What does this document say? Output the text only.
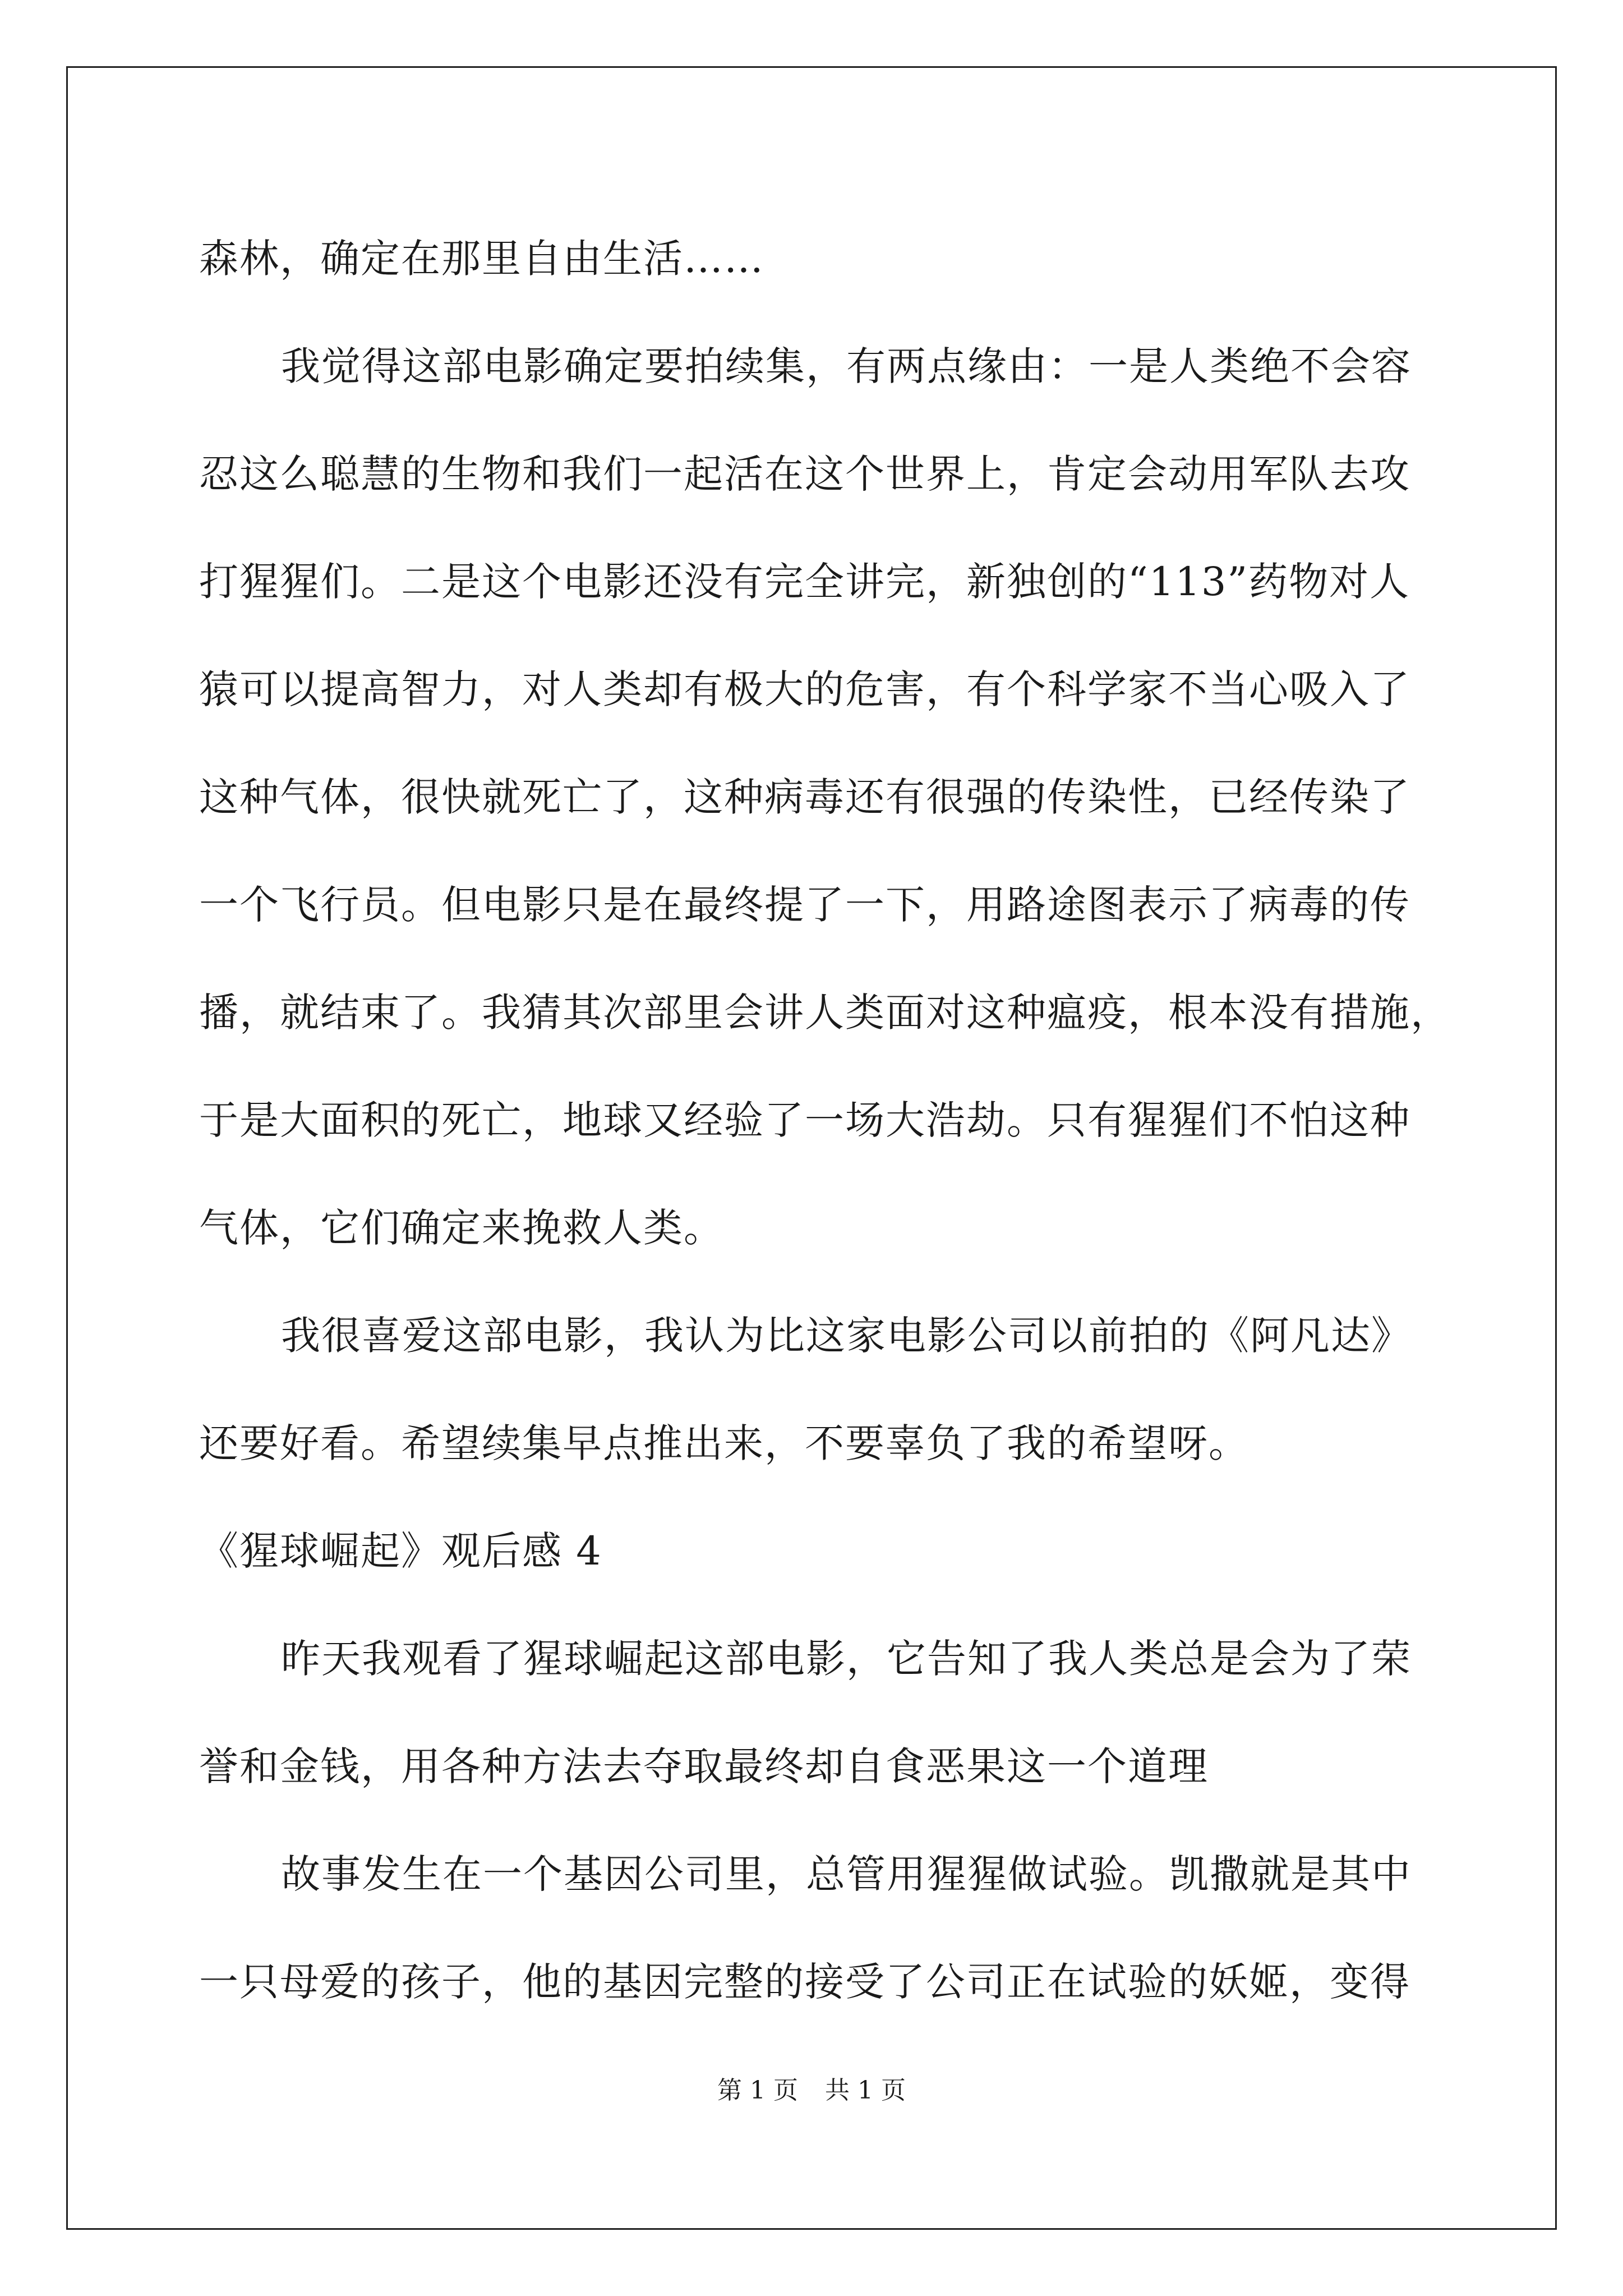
森林，确定在那里自由生活……
我觉得这部电影确定要拍续集，有两点缘由：一是人类绝不会容
忍这么聪慧的生物和我们一起活在这个世界上，肯定会动用军队去攻
打猩猩们。二是这个电影还没有完全讲完，新独创的“113”药物对人
猿可以提高智力，对人类却有极大的危害，有个科学家不当心吸入了
这种气体，很快就死亡了，这种病毒还有很强的传染性，已经传染了
一个飞行员。但电影只是在最终提了一下，用路途图表示了病毒的传
播，就结束了。我猜其次部里会讲人类面对这种瘟疫，根本没有措施，
于是大面积的死亡，地球又经验了一场大浩劫。只有猩猩们不怕这种
气体，它们确定来挽救人类。
我很喜爱这部电影，我认为比这家电影公司以前拍的《阿凡达》
还要好看。希望续集早点推出来，不要辜负了我的希望呀。
《猩球崛起》观后感 4
昨天我观看了猩球崛起这部电影，它告知了我人类总是会为了荣
誉和金钱，用各种方法去夺取最终却自食恶果这一个道理
故事发生在一个基因公司里，总管用猩猩做试验。凯撒就是其中
一只母爱的孩子，他的基因完整的接受了公司正在试验的妖姬，变得
第 1 页 共 1 页
